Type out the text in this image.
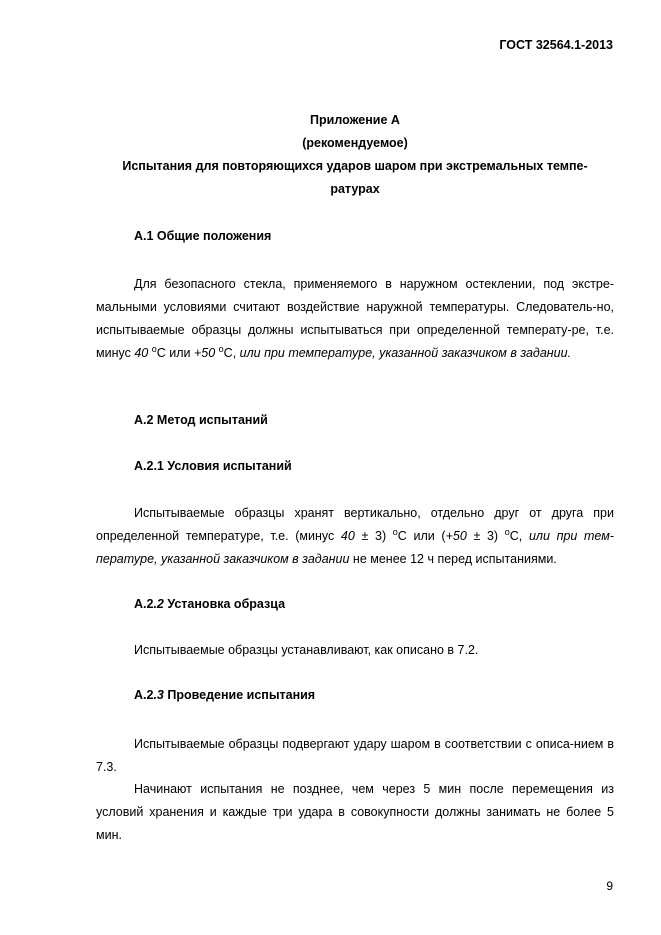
ГОСТ 32564.1-2013
Приложение А
(рекомендуемое)
Испытания для повторяющихся ударов шаром при экстремальных темпе-
ратурах
А.1 Общие положения
Для безопасного стекла, применяемого в наружном остеклении, под экстре-мальными условиями считают воздействие наружной температуры. Следователь-но, испытываемые образцы должны испытываться при определенной температу-ре, т.е. минус 40 $^о$C или +50 $^о$C, или при температуре, указанной заказчиком в задании.
А.2 Метод испытаний
А.2.1 Условия испытаний
Испытываемые образцы хранят вертикально, отдельно друг от друга при определенной температуре, т.е. (минус 40 ± 3) $^о$C или (+50 ± 3) $^о$C, или при тем-пературе, указанной заказчиком в задании не менее 12 ч перед испытаниями.
А.2.2 Установка образца
Испытываемые образцы устанавливают, как описано в 7.2.
А.2.3 Проведение испытания
Испытываемые образцы подвергают удару шаром в соответствии с описа-нием в 7.3.
Начинают испытания не позднее, чем через 5 мин после перемещения из условий хранения и каждые три удара в совокупности должны занимать не более 5 мин.
9
